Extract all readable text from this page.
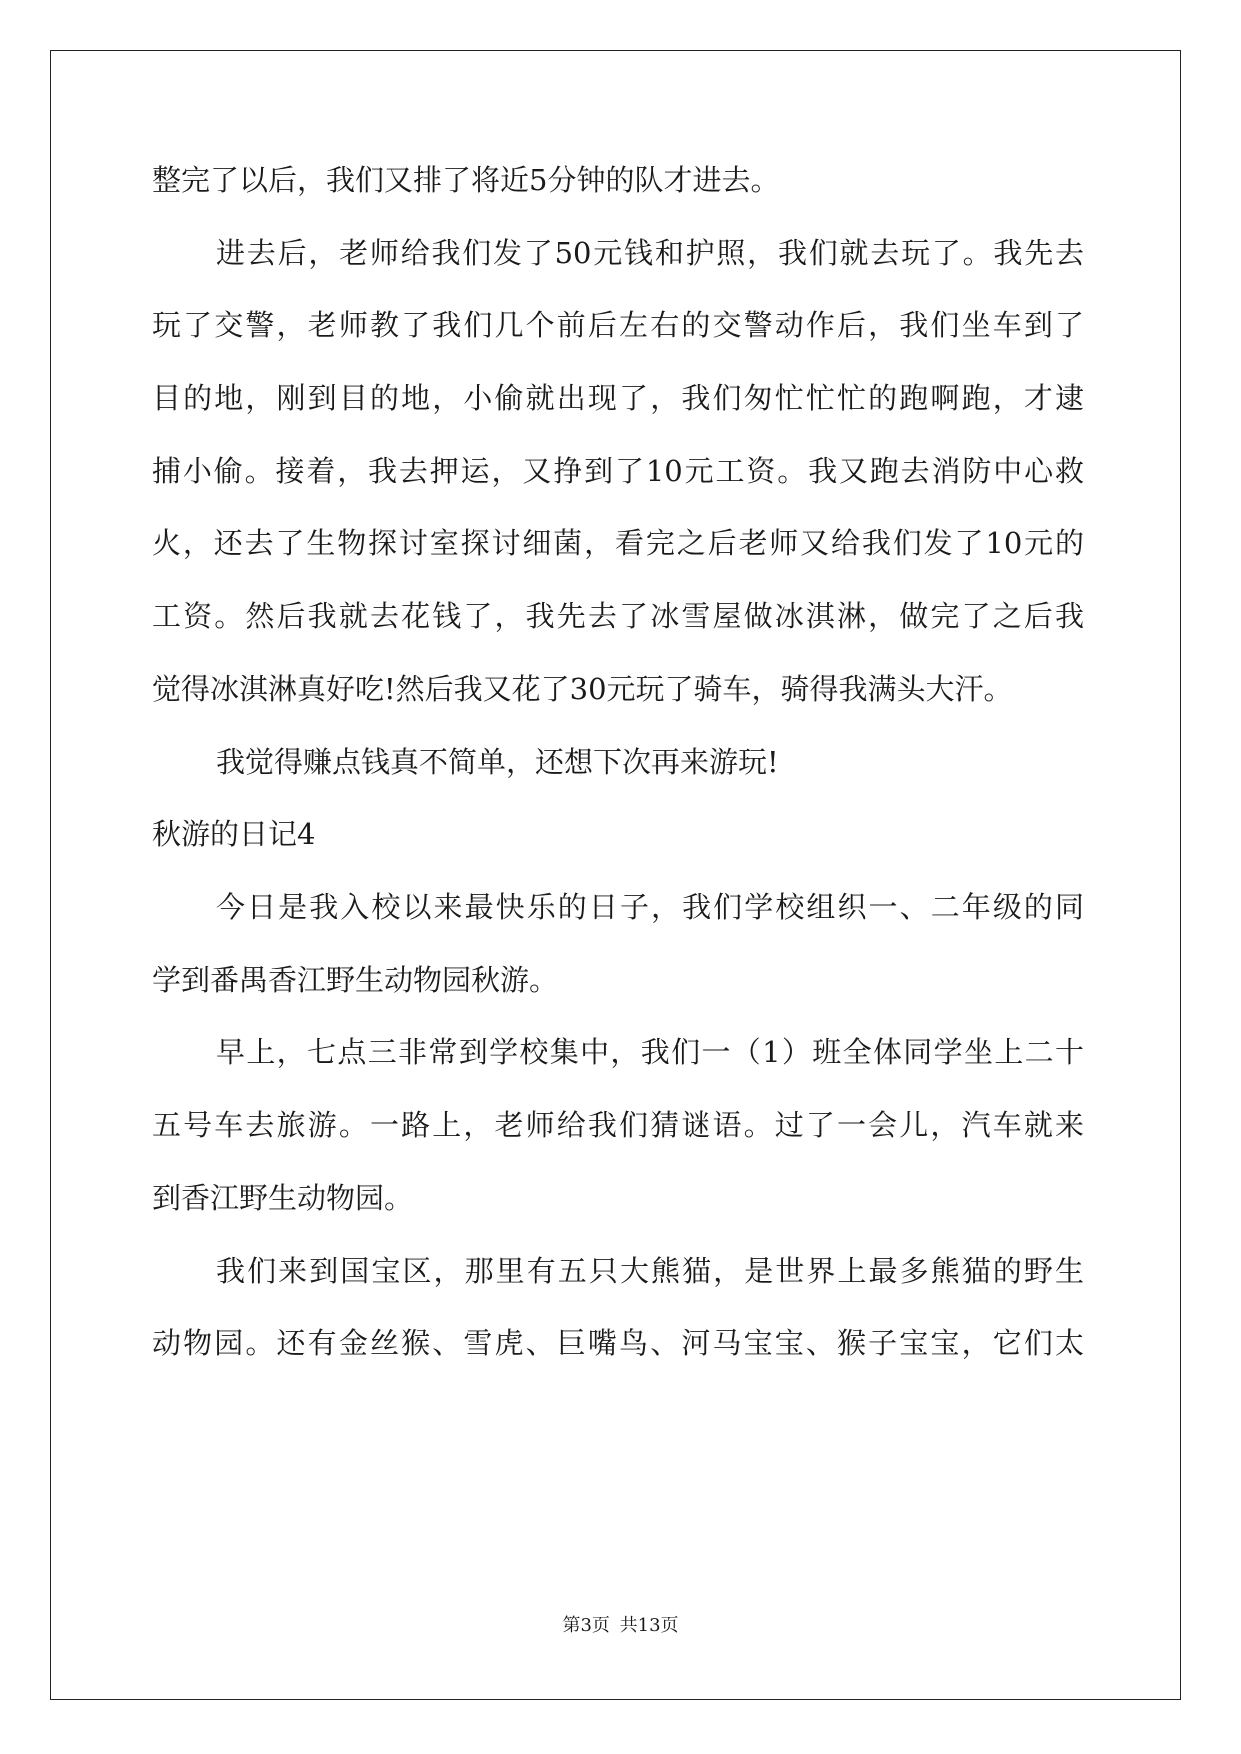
整完了以后，我们又排了将近5分钟的队才进去。
进去后，老师给我们发了50元钱和护照，我们就去玩了。我先去
玩了交警，老师教了我们几个前后左右的交警动作后，我们坐车到了
目的地，刚到目的地，小偷就出现了，我们匆忙忙忙的跑啊跑，才逮
捕小偷。接着，我去押运，又挣到了10元工资。我又跑去消防中心救
火，还去了生物探讨室探讨细菌，看完之后老师又给我们发了10元的
工资。然后我就去花钱了，我先去了冰雪屋做冰淇淋，做完了之后我
觉得冰淇淋真好吃!然后我又花了30元玩了骑车，骑得我满头大汗。
我觉得赚点钱真不简单，还想下次再来游玩!
秋游的日记4
今日是我入校以来最快乐的日子，我们学校组织一、二年级的同
学到番禺香江野生动物园秋游。
早上，七点三非常到学校集中，我们一（1）班全体同学坐上二十
五号车去旅游。一路上，老师给我们猜谜语。过了一会儿，汽车就来
到香江野生动物园。
我们来到国宝区，那里有五只大熊猫，是世界上最多熊猫的野生
动物园。还有金丝猴、雪虎、巨嘴鸟、河马宝宝、猴子宝宝，它们太
第3页 共13页
